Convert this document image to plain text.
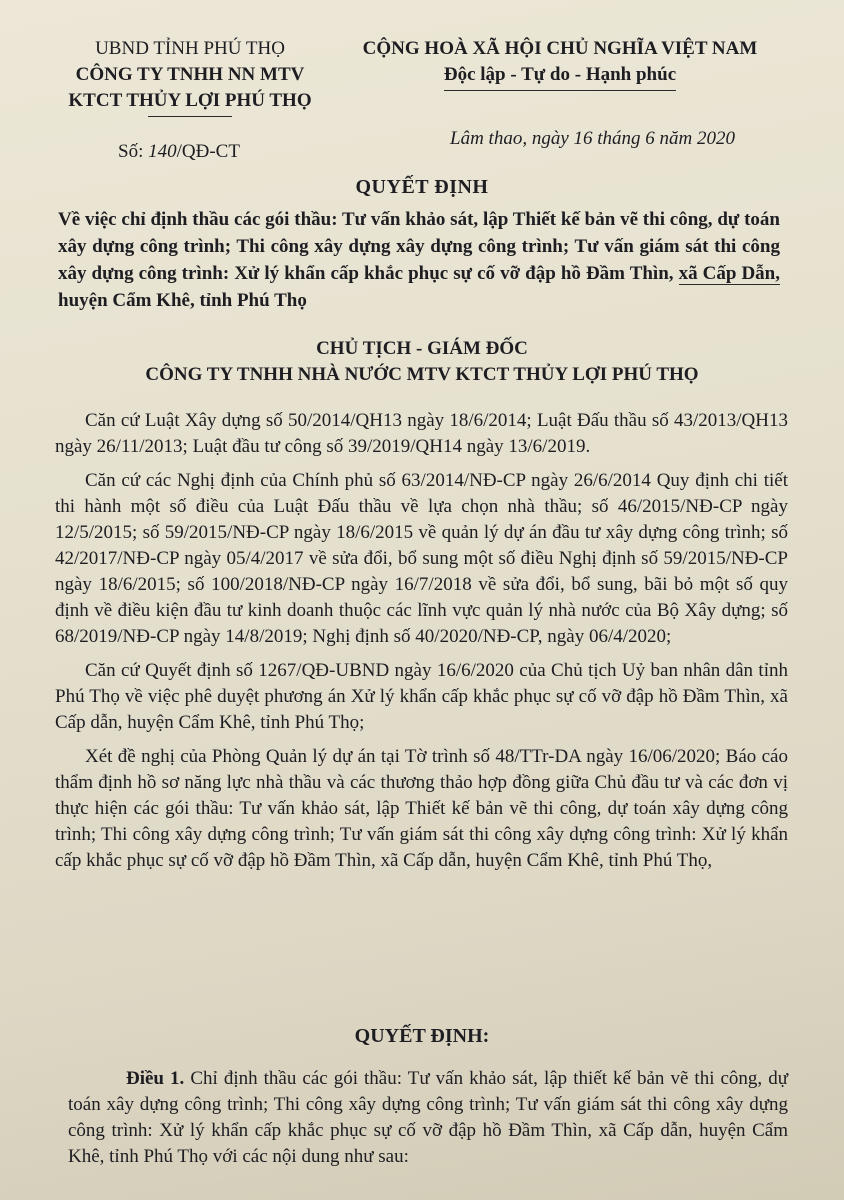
UBND TỈNH PHÚ THỌ
CÔNG TY TNHH NN MTV
KTCT THỦY LỢI PHÚ THỌ
CỘNG HOÀ XÃ HỘI CHỦ NGHĨA VIỆT NAM
Độc lập - Tự do - Hạnh phúc
Lâm thao, ngày 16 tháng 6 năm 2020
Số: 140/QĐ-CT
QUYẾT ĐỊNH
Về việc chỉ định thầu các gói thầu: Tư vấn khảo sát, lập Thiết kế bản vẽ thi công, dự toán xây dựng công trình; Thi công xây dựng xây dựng công trình; Tư vấn giám sát thi công xây dựng công trình: Xử lý khẩn cấp khắc phục sự cố vỡ đập hồ Đầm Thìn, xã Cấp Dẫn, huyện Cẩm Khê, tỉnh Phú Thọ
CHỦ TỊCH - GIÁM ĐỐC
CÔNG TY TNHH NHÀ NƯỚC MTV KTCT THỦY LỢI PHÚ THỌ

Căn cứ Luật Xây dựng số 50/2014/QH13 ngày 18/6/2014; Luật Đấu thầu số 43/2013/QH13 ngày 26/11/2013; Luật đầu tư công số 39/2019/QH14 ngày 13/6/2019.

Căn cứ các Nghị định của Chính phủ số 63/2014/NĐ-CP ngày 26/6/2014 Quy định chi tiết thi hành một số điều của Luật Đấu thầu về lựa chọn nhà thầu; số 46/2015/NĐ-CP ngày 12/5/2015; số 59/2015/NĐ-CP ngày 18/6/2015 về quản lý dự án đầu tư xây dựng công trình; số 42/2017/NĐ-CP ngày 05/4/2017 về sửa đổi, bổ sung một số điều Nghị định số 59/2015/NĐ-CP ngày 18/6/2015; số 100/2018/NĐ-CP ngày 16/7/2018 về sửa đổi, bổ sung, bãi bỏ một số quy định về điều kiện đầu tư kinh doanh thuộc các lĩnh vực quản lý nhà nước của Bộ Xây dựng; số 68/2019/NĐ-CP ngày 14/8/2019; Nghị định số 40/2020/NĐ-CP, ngày 06/4/2020;

Căn cứ Quyết định số 1267/QĐ-UBND ngày 16/6/2020 của Chủ tịch Uỷ ban nhân dân tỉnh Phú Thọ về việc phê duyệt phương án Xử lý khẩn cấp khắc phục sự cố vỡ đập hồ Đầm Thìn, xã Cấp dẫn, huyện Cẩm Khê, tỉnh Phú Thọ;

Xét đề nghị của Phòng Quản lý dự án tại Tờ trình số 48/TTr-DA ngày 16/06/2020; Báo cáo thẩm định hồ sơ năng lực nhà thầu và các thương thảo hợp đồng giữa Chủ đầu tư và các đơn vị thực hiện các gói thầu: Tư vấn khảo sát, lập Thiết kế bản vẽ thi công, dự toán xây dựng công trình; Thi công xây dựng công trình; Tư vấn giám sát thi công xây dựng công trình: Xử lý khẩn cấp khắc phục sự cố vỡ đập hồ Đầm Thìn, xã Cấp dẫn, huyện Cẩm Khê, tỉnh Phú Thọ,

QUYẾT ĐỊNH:

Điều 1. Chỉ định thầu các gói thầu: Tư vấn khảo sát, lập thiết kế bản vẽ thi công, dự toán xây dựng công trình; Thi công xây dựng công trình; Tư vấn giám sát thi công xây dựng công trình: Xử lý khẩn cấp khắc phục sự cố vỡ đập hồ Đầm Thìn, xã Cấp dẫn, huyện Cẩm Khê, tỉnh Phú Thọ với các nội dung như sau:
